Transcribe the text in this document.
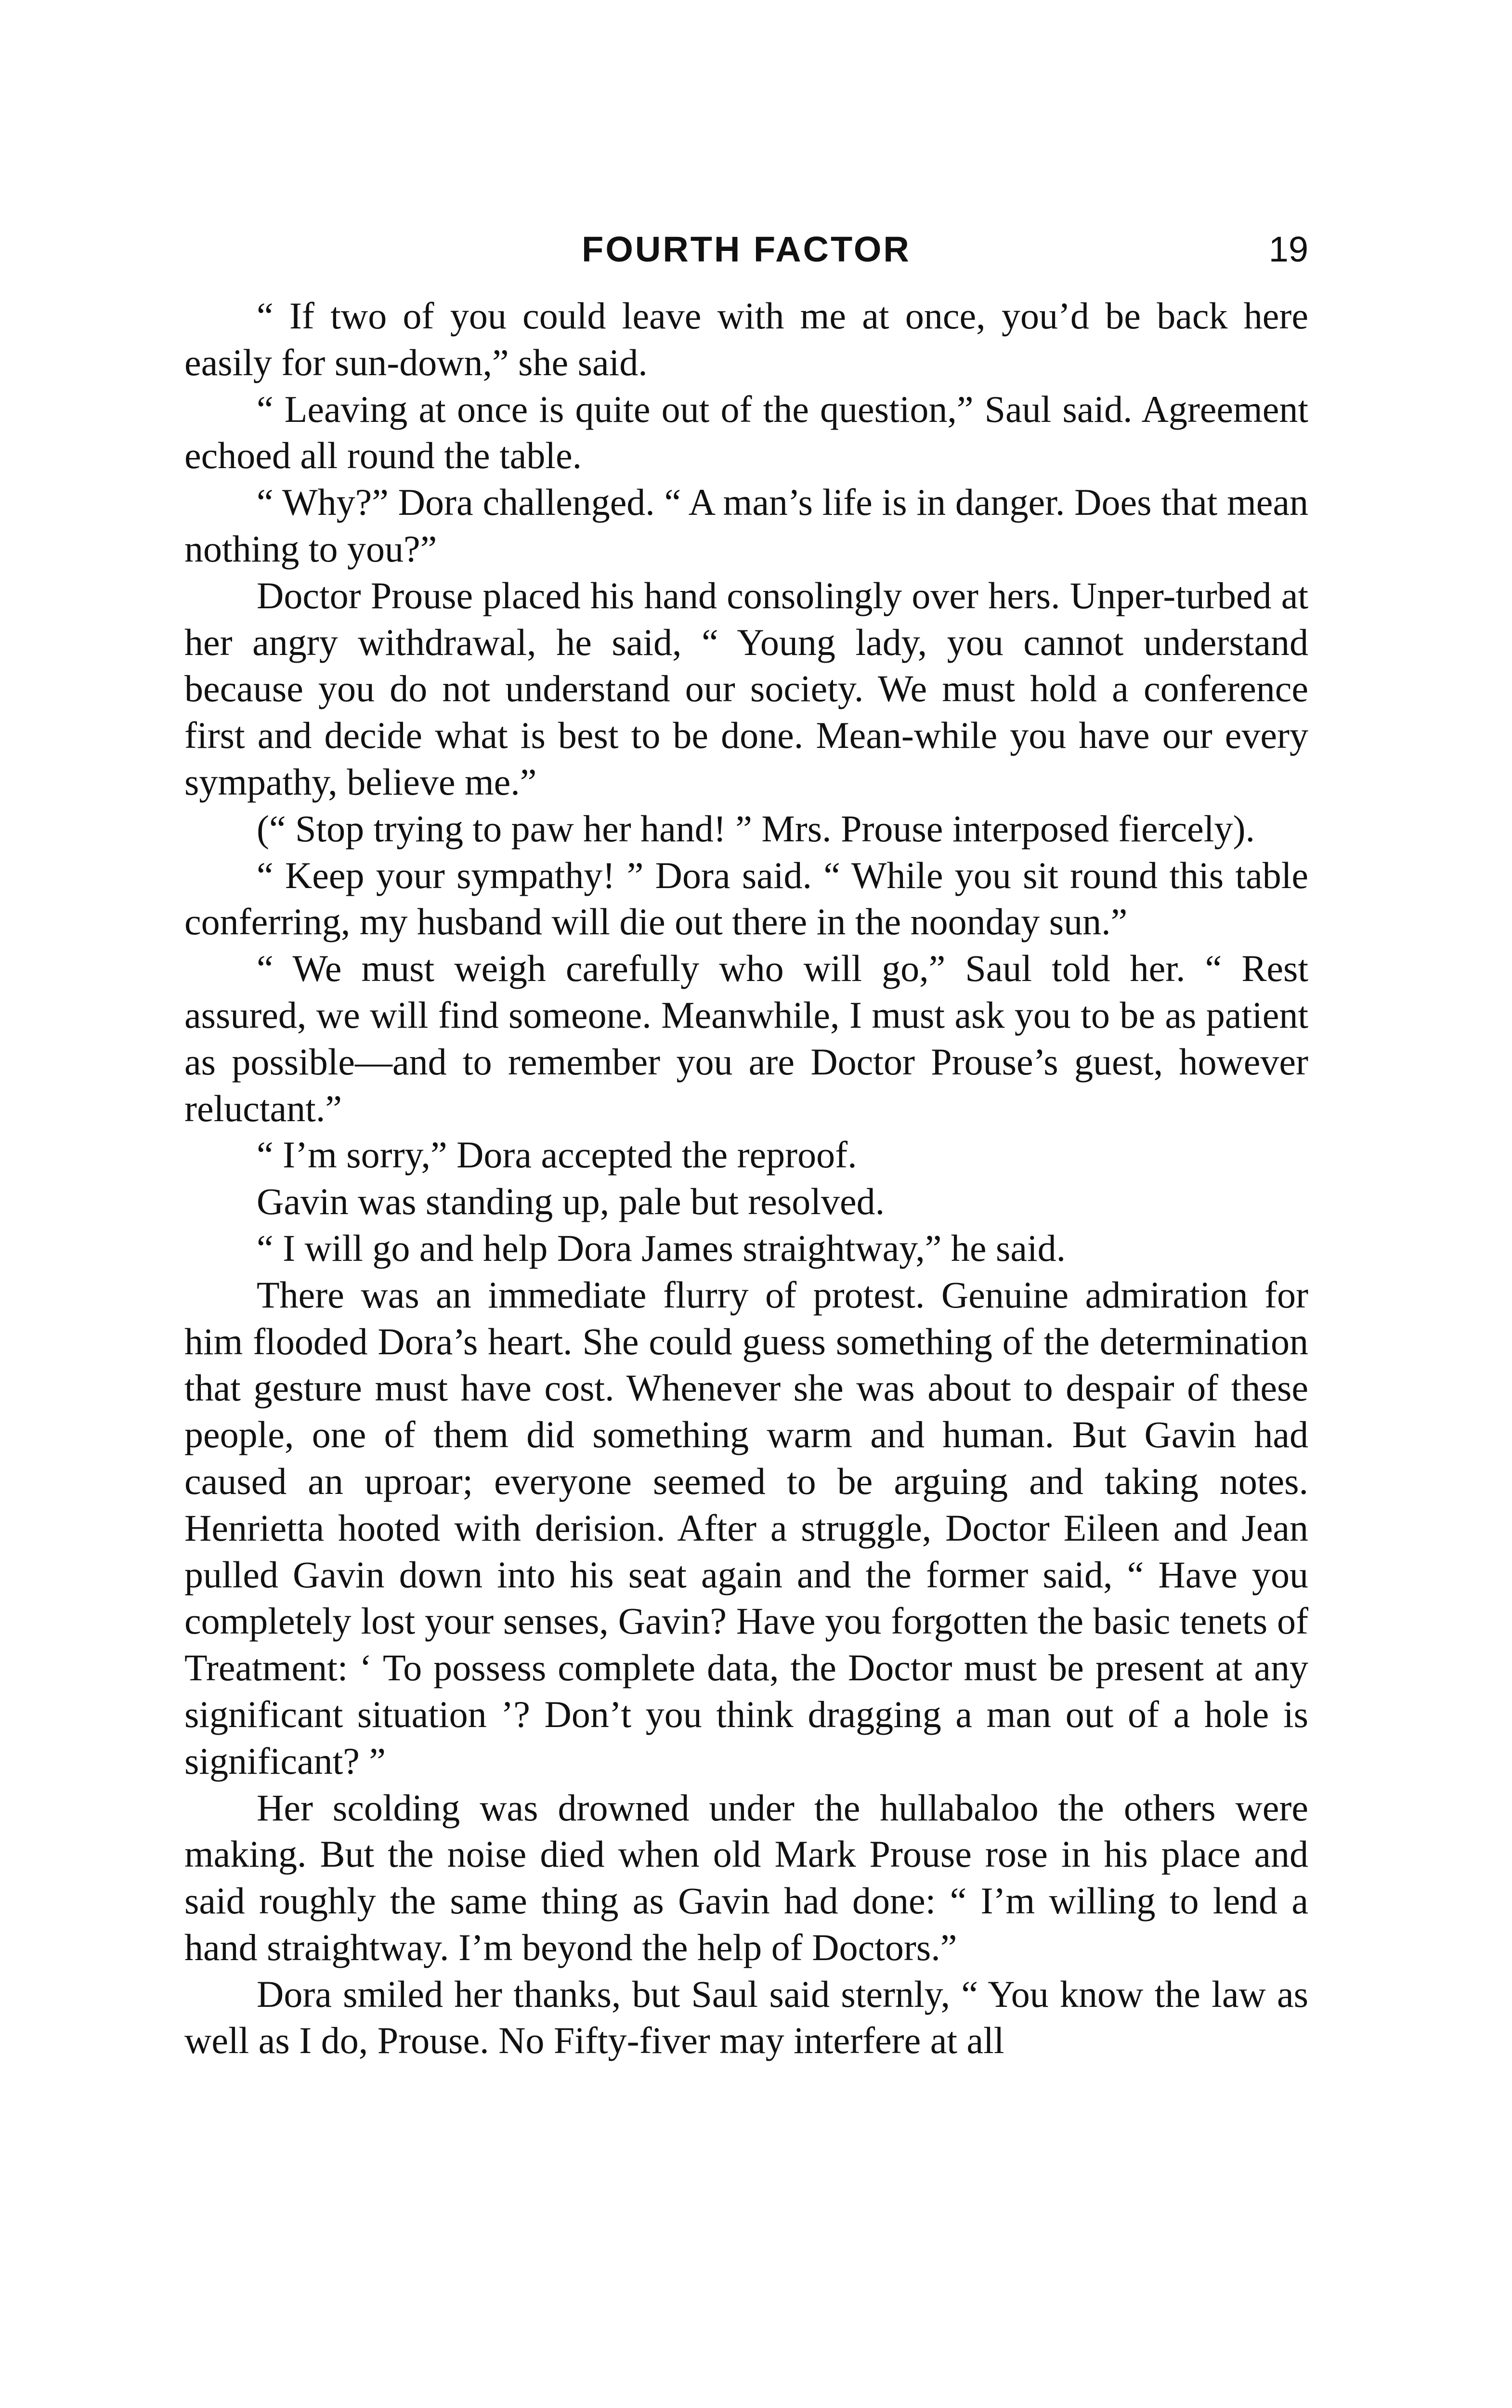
FOURTH FACTOR	19

“ If two of you could leave with me at once, you’d be back here easily for sun-down,” she said.

“ Leaving at once is quite out of the question,” Saul said. Agreement echoed all round the table.

“ Why?” Dora challenged. “ A man’s life is in danger. Does that mean nothing to you?”

Doctor Prouse placed his hand consolingly over hers. Unper-turbed at her angry withdrawal, he said, “ Young lady, you cannot understand because you do not understand our society. We must hold a conference first and decide what is best to be done. Mean-while you have our every sympathy, believe me.”

(“ Stop trying to paw her hand! ” Mrs. Prouse interposed fiercely).

“ Keep your sympathy! ” Dora said. “ While you sit round this table conferring, my husband will die out there in the noonday sun.”

“ We must weigh carefully who will go,” Saul told her. “ Rest assured, we will find someone. Meanwhile, I must ask you to be as patient as possible—and to remember you are Doctor Prouse’s guest, however reluctant.”

“ I’m sorry,” Dora accepted the reproof.

Gavin was standing up, pale but resolved.

“ I will go and help Dora James straightway,” he said.

There was an immediate flurry of protest. Genuine admiration for him flooded Dora’s heart. She could guess something of the determination that gesture must have cost. Whenever she was about to despair of these people, one of them did something warm and human. But Gavin had caused an uproar; everyone seemed to be arguing and taking notes. Henrietta hooted with derision. After a struggle, Doctor Eileen and Jean pulled Gavin down into his seat again and the former said, “ Have you completely lost your senses, Gavin? Have you forgotten the basic tenets of Treatment: ‘ To possess complete data, the Doctor must be present at any significant situation ’? Don’t you think dragging a man out of a hole is significant? ”

Her scolding was drowned under the hullabaloo the others were making. But the noise died when old Mark Prouse rose in his place and said roughly the same thing as Gavin had done: “ I’m willing to lend a hand straightway. I’m beyond the help of Doctors.”

Dora smiled her thanks, but Saul said sternly, “ You know the law as well as I do, Prouse. No Fifty-fiver may interfere at all
